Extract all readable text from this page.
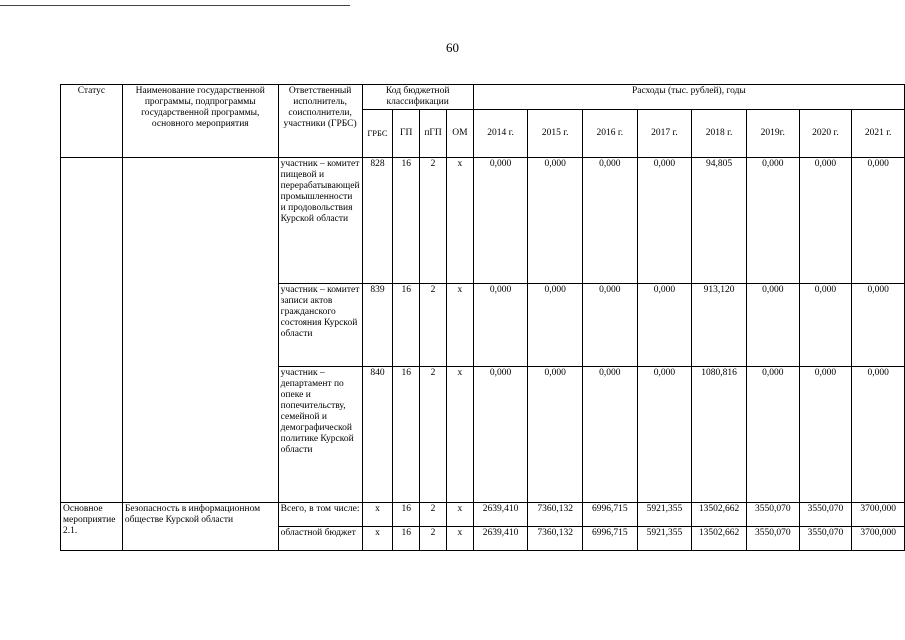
60
Статус	Наименование государственной программы, подпрограммы государственной программы, основного мероприятия	Ответственный исполнитель, соисполнители, участники (ГРБС)	Код бюджетной классификации				Расходы (тыс. рублей), годы							
			ГРБС	ГП	пГП	ОМ	2014 г.	2015 г.	2016 г.	2017 г.	2018 г.	2019г.	2020 г.	2021 г.
		участник – комитет пищевой и перерабатывающей промышленности и продовольствия Курской области	828	16	2	х	0,000	0,000	0,000	0,000	94,805	0,000	0,000	0,000
		участник – комитет записи актов гражданского состояния Курской области	839	16	2	х	0,000	0,000	0,000	0,000	913,120	0,000	0,000	0,000
		участник – департамент по опеке и попечительству, семейной и демографической политике Курской области	840	16	2	х	0,000	0,000	0,000	0,000	1080,816	0,000	0,000	0,000
Основное мероприятие 2.1.	Безопасность в информационном обществе Курской области	Всего, в том числе:	х	16	2	х	2639,410	7360,132	6996,715	5921,355	13502,662	3550,070	3550,070	3700,000
		областной бюджет	х	16	2	х	2639,410	7360,132	6996,715	5921,355	13502,662	3550,070	3550,070	3700,000
